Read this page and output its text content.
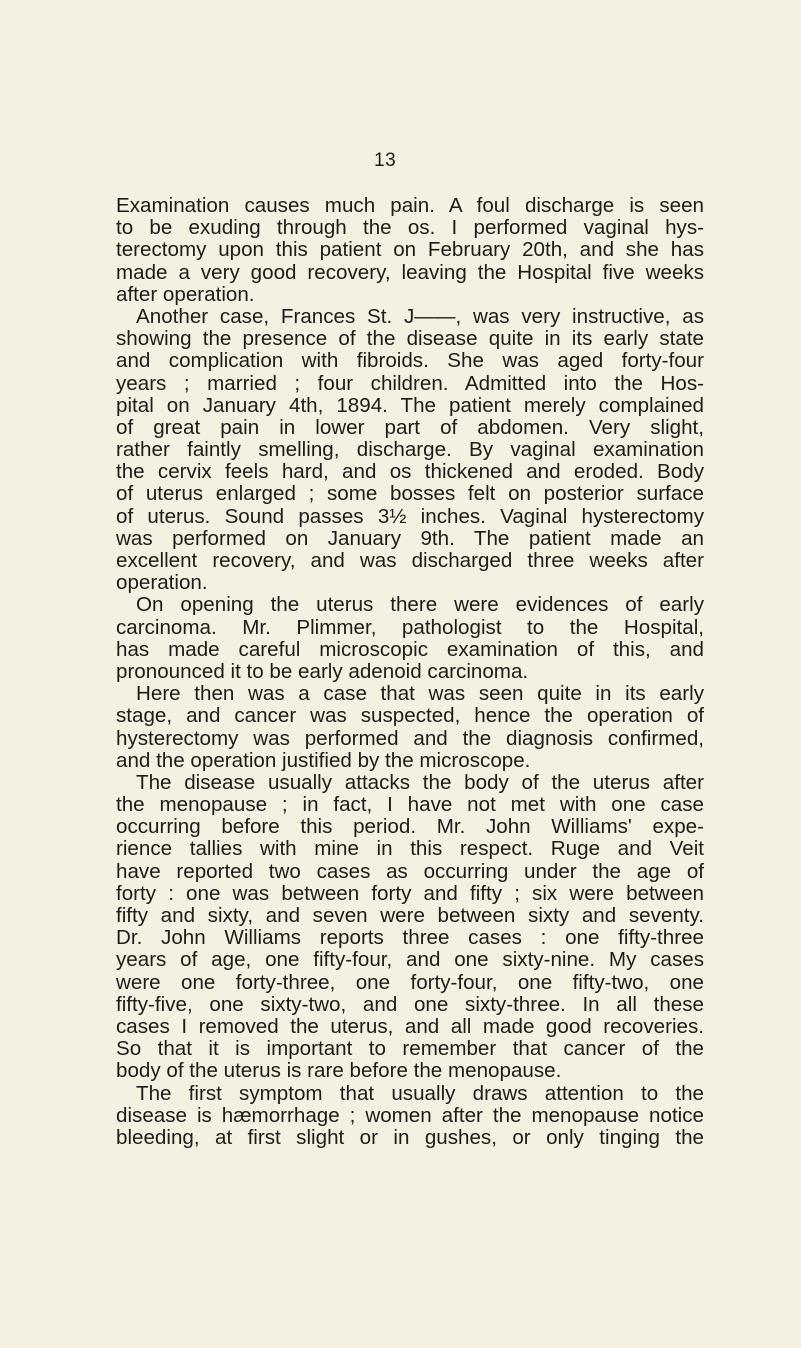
13
Examination causes much pain. A foul discharge is seen
to be exuding through the os. I performed vaginal hys-
terectomy upon this patient on February 20th, and she has
made a very good recovery, leaving the Hospital five weeks
after operation.
Another case, Frances St. J——, was very instructive, as
showing the presence of the disease quite in its early state
and complication with fibroids. She was aged forty-four
years ; married ; four children. Admitted into the Hos-
pital on January 4th, 1894. The patient merely complained
of great pain in lower part of abdomen. Very slight,
rather faintly smelling, discharge. By vaginal examination
the cervix feels hard, and os thickened and eroded. Body
of uterus enlarged ; some bosses felt on posterior surface
of uterus. Sound passes 3½ inches. Vaginal hysterectomy
was performed on January 9th. The patient made an
excellent recovery, and was discharged three weeks after
operation.
On opening the uterus there were evidences of early
carcinoma. Mr. Plimmer, pathologist to the Hospital,
has made careful microscopic examination of this, and
pronounced it to be early adenoid carcinoma.
Here then was a case that was seen quite in its early
stage, and cancer was suspected, hence the operation of
hysterectomy was performed and the diagnosis confirmed,
and the operation justified by the microscope.
The disease usually attacks the body of the uterus after
the menopause ; in fact, I have not met with one case
occurring before this period. Mr. John Williams' expe-
rience tallies with mine in this respect. Ruge and Veit
have reported two cases as occurring under the age of
forty : one was between forty and fifty ; six were between
fifty and sixty, and seven were between sixty and seventy.
Dr. John Williams reports three cases : one fifty-three
years of age, one fifty-four, and one sixty-nine. My cases
were one forty-three, one forty-four, one fifty-two, one
fifty-five, one sixty-two, and one sixty-three. In all these
cases I removed the uterus, and all made good recoveries.
So that it is important to remember that cancer of the
body of the uterus is rare before the menopause.
The first symptom that usually draws attention to the
disease is hæmorrhage ; women after the menopause notice
bleeding, at first slight or in gushes, or only tinging the
